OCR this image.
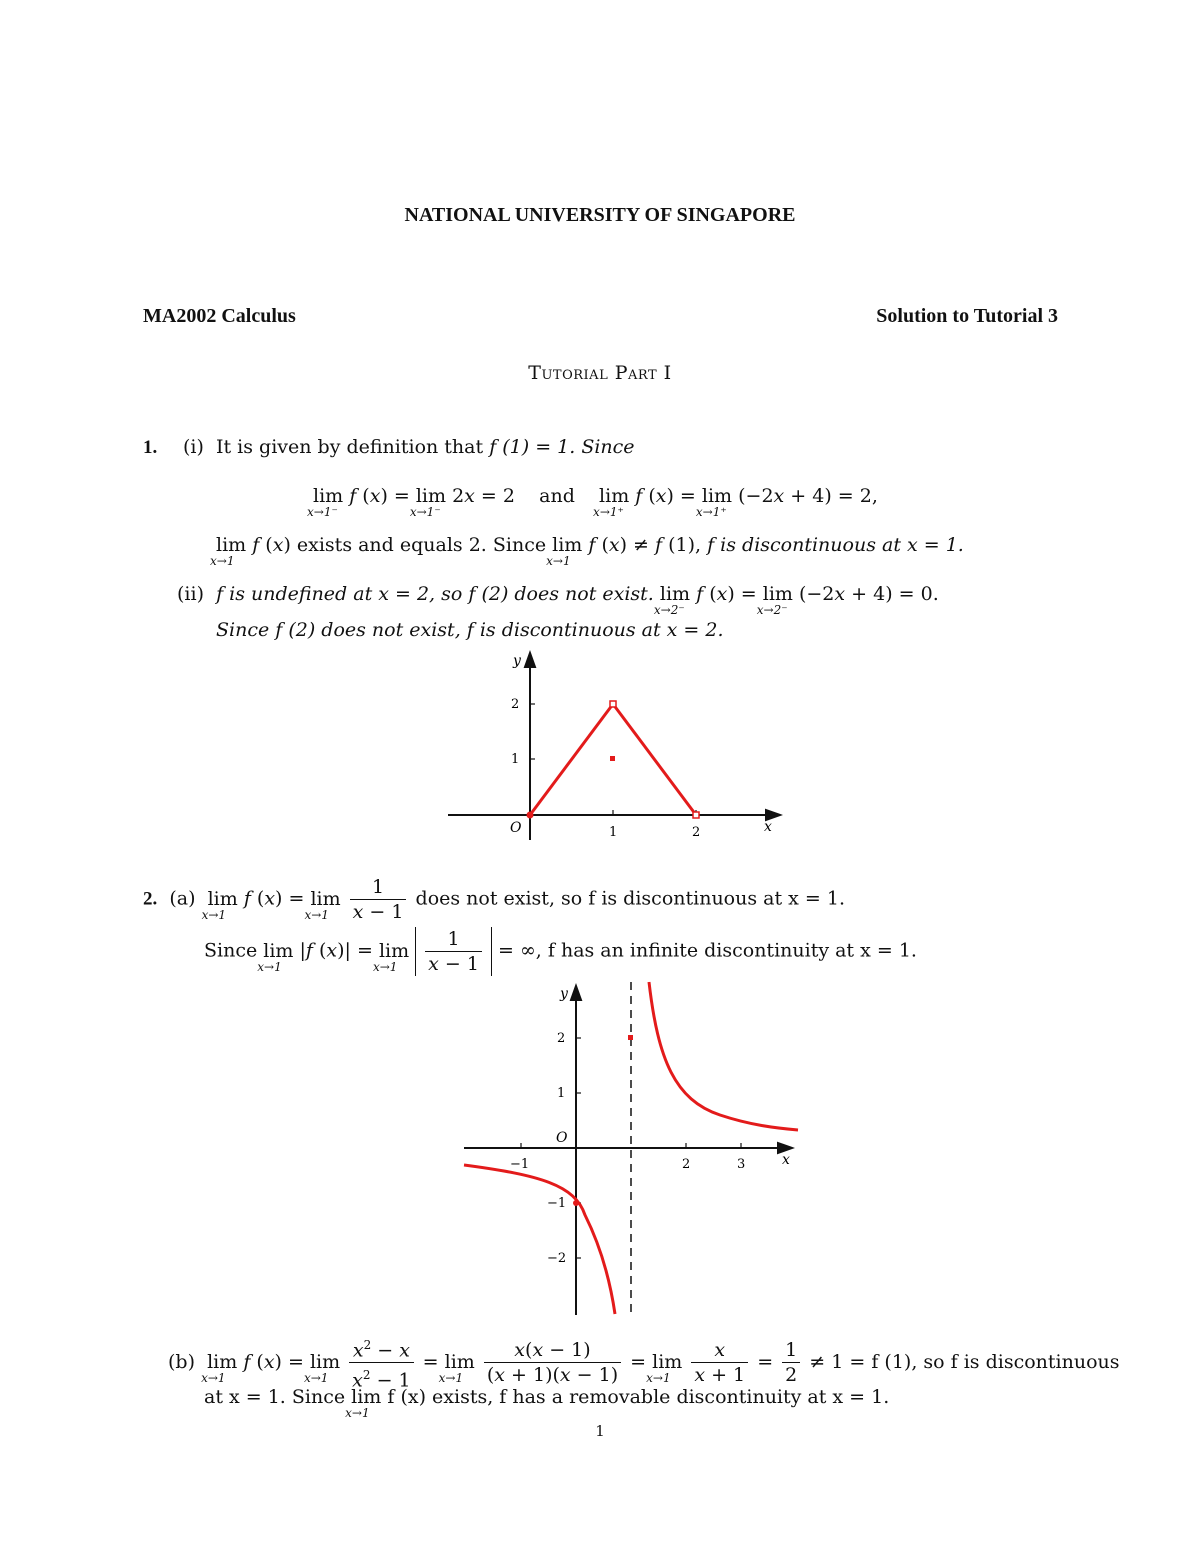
NATIONAL UNIVERSITY OF SINGAPORE
MA2002 Calculus	Solution to Tutorial 3
Tutorial Part I
1. (i) It is given by definition that f (1) = 1. Since
lim
x→1⁻
f (x) = lim
x→1⁻
2x = 2    and lim
x→1⁺
f (x) = lim
x→1⁺
(−2x + 4) = 2,
lim
x→1
f (x) exists and equals 2. Since lim
x→1
f (x) ≠ f (1), f is discontinuous at x = 1.
(ii) f is undefined at x = 2, so f (2) does not exist. lim
x→2⁻
f (x) = lim
x→2⁻
(−2x + 4) = 0.
Since f (2) does not exist, f is discontinuous at x = 2.
1	2
1
2
O	x
y
2. (a) lim
x→1
f (x) = lim
x→1
$\frac{1}{x - 1}$ does not exist, so f is discontinuous at x = 1.
Since lim
x→1
|f (x)| = lim
x→1
$\frac{1}{x - 1}$ = ∞, f has an infinite discontinuity at x = 1.
−1	2	3
2
1
−1
−2
O
x
y
(b) lim
x→1
f (x) = lim
x→1
$\frac{x^2 - x}{x^2 - 1} = \lim$
x→1
$\frac{x(x - 1)}{(x + 1)(x - 1)} = \lim$
x→1
$\frac{x}{x + 1} = \frac{1}{2} \ne 1 = f$ (1), so f is discontinuous
at x = 1. Since lim
x→1
f (x) exists, f has a removable discontinuity at x = 1.
1
